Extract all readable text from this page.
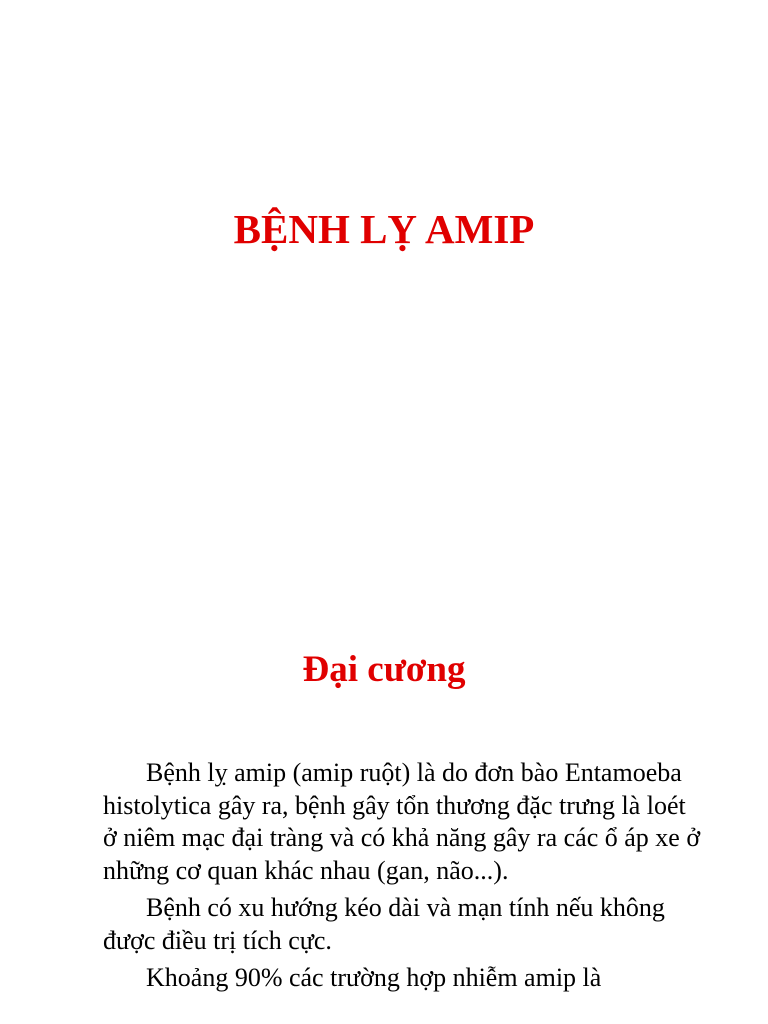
BỆNH LỴ AMIP
Đại cương

Bệnh lỵ amip (amip ruột) là do đơn bào Entamoeba histolytica gây ra, bệnh gây tổn thương đặc trưng là loét ở niêm mạc đại tràng và có khả năng gây ra các ổ áp xe ở những cơ quan khác nhau (gan, não...).

Bệnh có xu hướng kéo dài và mạn tính nếu không được điều trị tích cực.

Khoảng 90% các trường hợp nhiễm amip là
